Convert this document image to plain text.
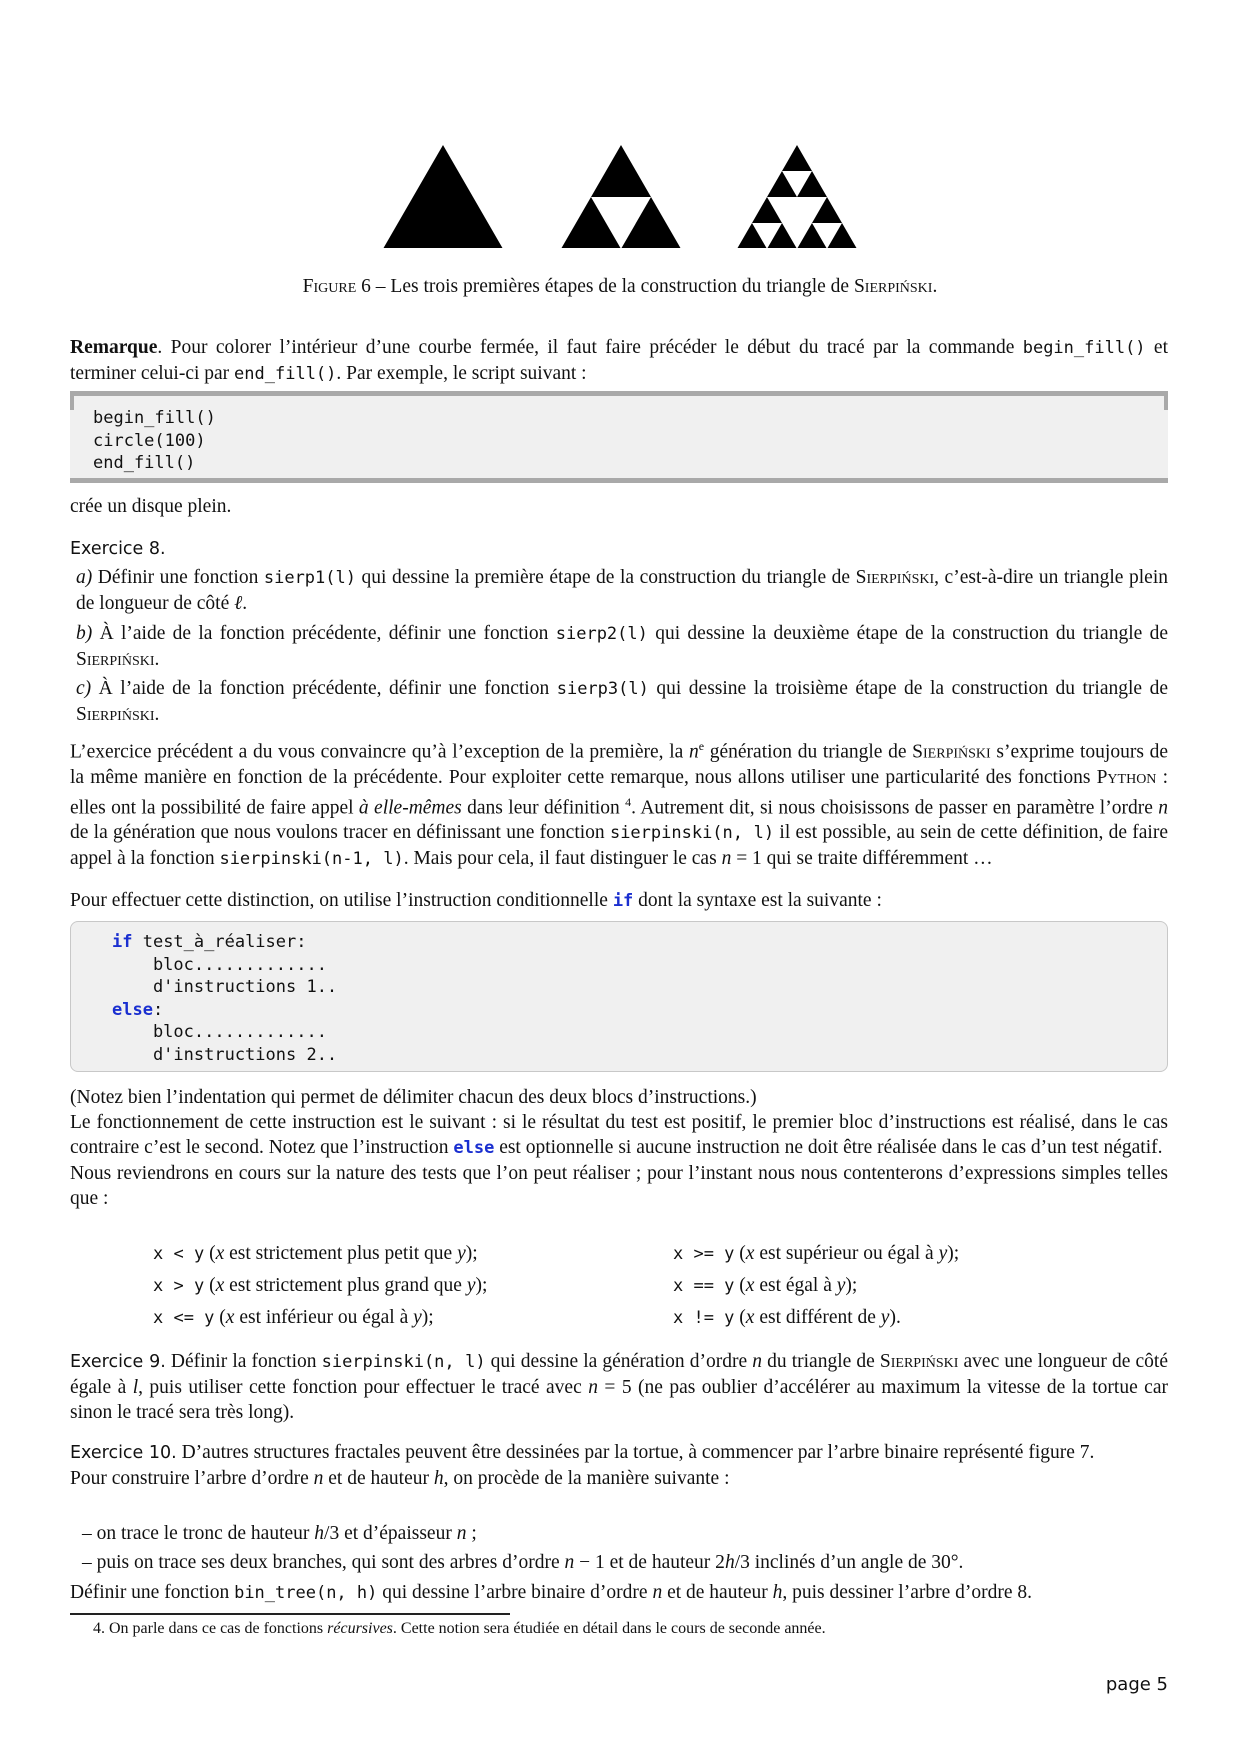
Figure 6 – Les trois premières étapes de la construction du triangle de Sierpiński.
Remarque. Pour colorer l’intérieur d’une courbe fermée, il faut faire précéder le début du tracé par la commande begin_fill() et terminer celui-ci par end_fill(). Par exemple, le script suivant :
begin_fill()
circle(100)
end_fill()
crée un disque plein.
Exercice 8.
a) Définir une fonction sierp1(l) qui dessine la première étape de la construction du triangle de Sierpiński, c’est-à-dire un triangle plein de longueur de côté ℓ.
b) À l’aide de la fonction précédente, définir une fonction sierp2(l) qui dessine la deuxième étape de la construction du triangle de Sierpiński.
c) À l’aide de la fonction précédente, définir une fonction sierp3(l) qui dessine la troisième étape de la construction du triangle de Sierpiński.
L’exercice précédent a du vous convaincre qu’à l’exception de la première, la $n^e$ génération du triangle de Sierpiński s’exprime toujours de la même manière en fonction de la précédente. Pour exploiter cette remarque, nous allons utiliser une particularité des fonctions Python : elles ont la possibilité de faire appel à elle-mêmes dans leur définition $^4$. Autrement dit, si nous choisissons de passer en paramètre l’ordre n de la génération que nous voulons tracer en définissant une fonction sierpinski(n, l) il est possible, au sein de cette définition, de faire appel à la fonction sierpinski(n-1, l). Mais pour cela, il faut distinguer le cas n = 1 qui se traite différemment …
Pour effectuer cette distinction, on utilise l’instruction conditionnelle if dont la syntaxe est la suivante :
if test_à_réaliser:
bloc.............
d'instructions 1..
else:
bloc.............
d'instructions 2..
(Notez bien l’indentation qui permet de délimiter chacun des deux blocs d’instructions.)
Le fonctionnement de cette instruction est le suivant : si le résultat du test est positif, le premier bloc d’instructions est réalisé, dans le cas contraire c’est le second. Notez que l’instruction else est optionnelle si aucune instruction ne doit être réalisée dans le cas d’un test négatif.
Nous reviendrons en cours sur la nature des tests que l’on peut réaliser ; pour l’instant nous nous contenterons d’expressions simples telles que :
x < y (x est strictement plus petit que y);
x > y (x est strictement plus grand que y);
x <= y (x est inférieur ou égal à y);
x >= y (x est supérieur ou égal à y);
x == y (x est égal à y);
x != y (x est différent de y).
Exercice 9. Définir la fonction sierpinski(n, l) qui dessine la génération d’ordre n du triangle de Sierpiński avec une longueur de côté égale à l, puis utiliser cette fonction pour effectuer le tracé avec n = 5 (ne pas oublier d’accélérer au maximum la vitesse de la tortue car sinon le tracé sera très long).
Exercice 10. D’autres structures fractales peuvent être dessinées par la tortue, à commencer par l’arbre binaire représenté figure 7.
Pour construire l’arbre d’ordre n et de hauteur h, on procède de la manière suivante :
– on trace le tronc de hauteur h/3 et d’épaisseur n ;
– puis on trace ses deux branches, qui sont des arbres d’ordre n − 1 et de hauteur 2h/3 inclinés d’un angle de 30°.
Définir une fonction bin_tree(n, h) qui dessine l’arbre binaire d’ordre n et de hauteur h, puis dessiner l’arbre d’ordre 8.
4. On parle dans ce cas de fonctions récursives. Cette notion sera étudiée en détail dans le cours de seconde année.
page 5
